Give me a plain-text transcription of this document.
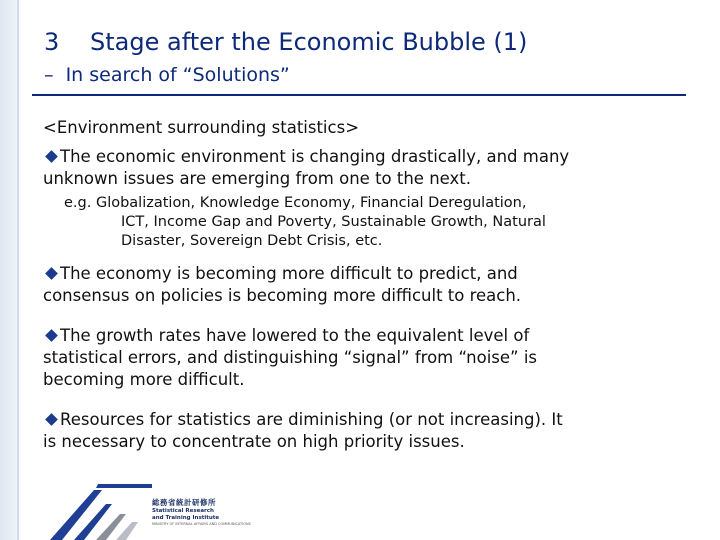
3 Stage after the Economic Bubble (1)
–  In search of “Solutions”
<Environment surrounding statistics>
The economic environment is changing drastically, and many
unknown issues are emerging from one to the next.
e.g. Globalization, Knowledge Economy, Financial Deregulation,
ICT, Income Gap and Poverty, Sustainable Growth, Natural
Disaster, Sovereign Debt Crisis, etc.
The economy is becoming more difficult to predict, and
consensus on policies is becoming more difficult to reach.
The growth rates have lowered to the equivalent level of
statistical errors, and distinguishing “signal” from “noise” is
becoming more difficult.
Resources for statistics are diminishing (or not increasing). It
is necessary to concentrate on high priority issues.
総務省統計研修所
Statistical Research
and Training Institute
MINISTRY OF INTERNAL AFFAIRS AND COMMUNICATIONS
